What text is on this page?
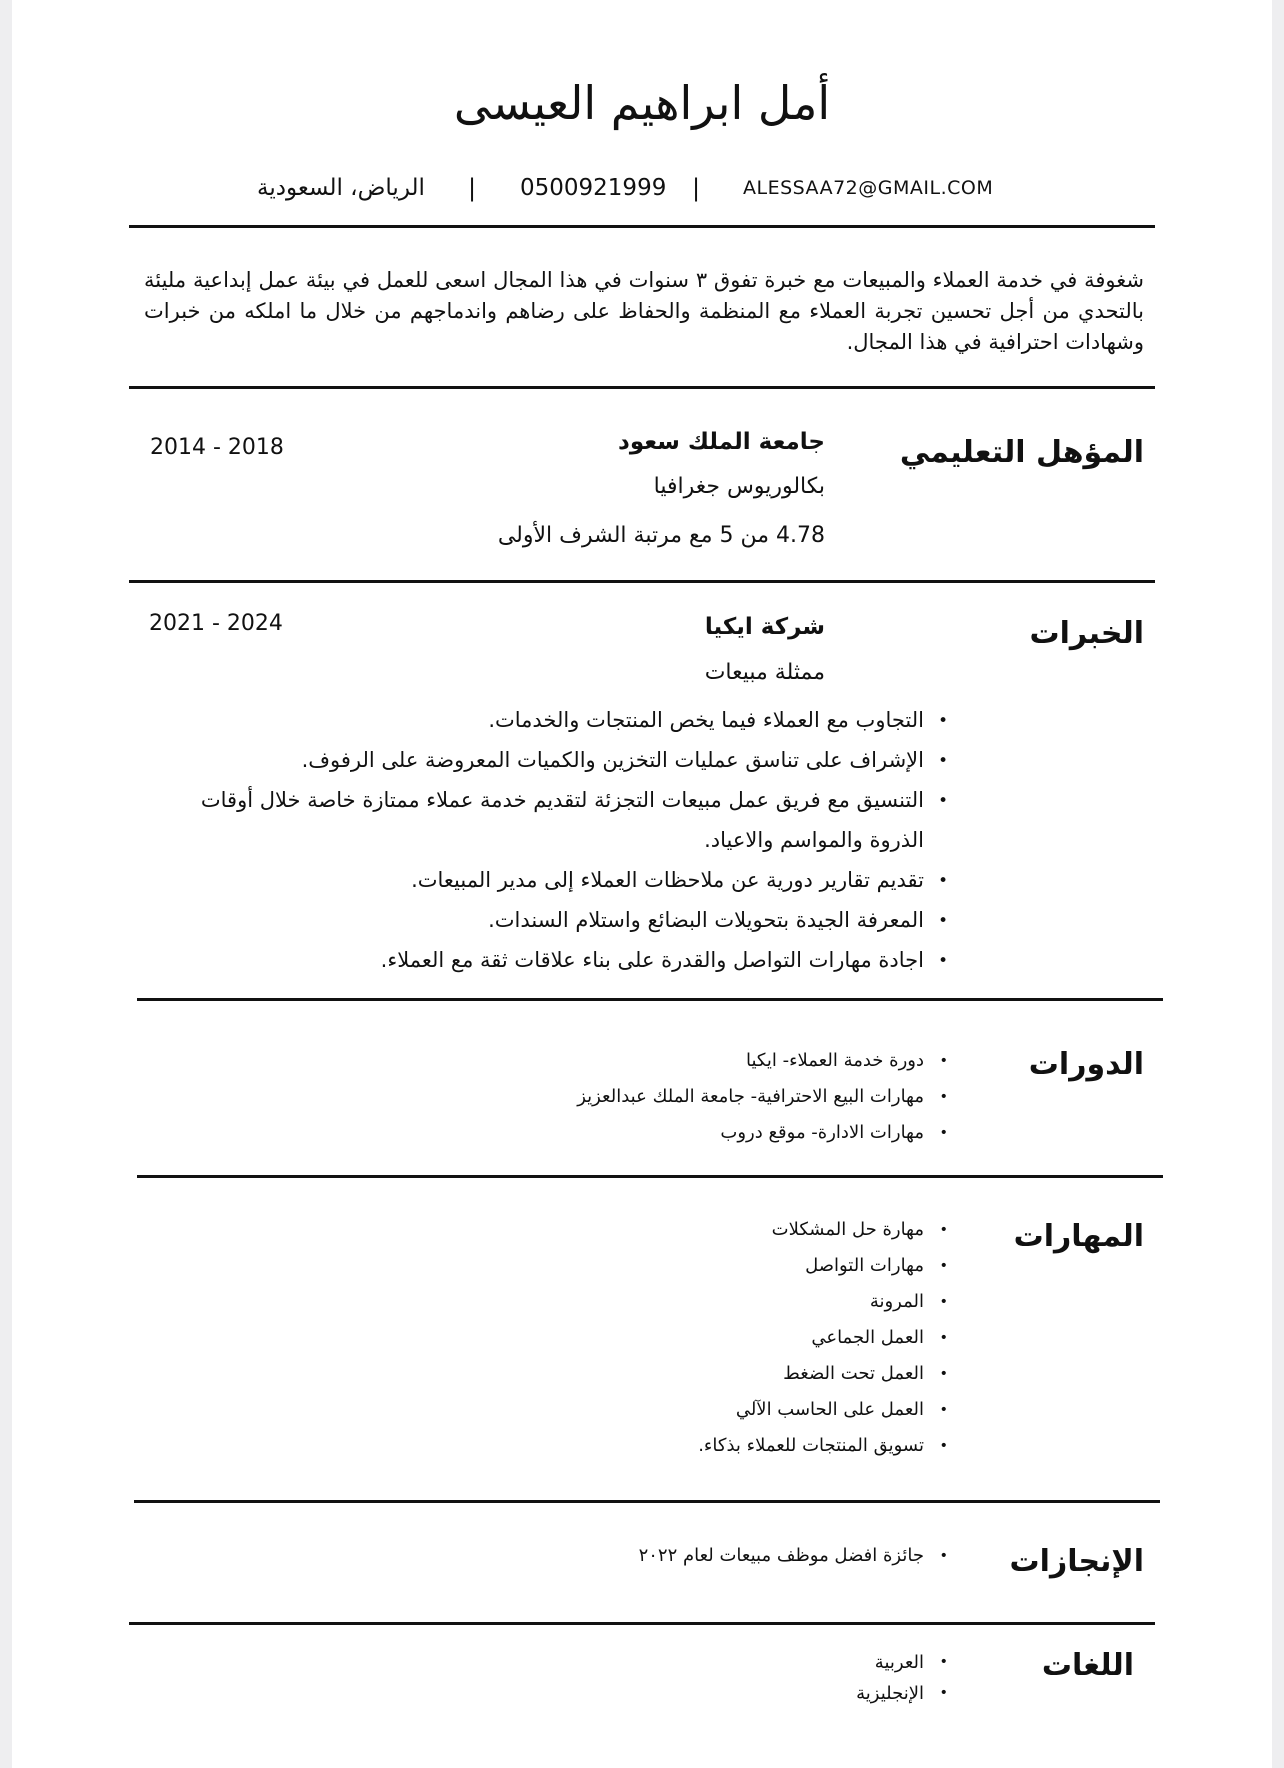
أمل ابراهيم العيسى
ALESSAA72@GMAIL.COM
|
0500921999
|
الرياض، السعودية

شغوفة في خدمة العملاء والمبيعات مع خبرة تفوق ٣ سنوات في هذا المجال اسعى للعمل في بيئة عمل إبداعية مليئة بالتحدي من أجل تحسين تجربة العملاء مع المنظمة والحفاظ على رضاهم واندماجهم من خلال ما املكه من خبرات وشهادات احترافية في هذا المجال.

المؤهل التعليمي
جامعة الملك سعود
بكالوريوس جغرافيا
4.78 من 5 مع مرتبة الشرف الأولى
2014 - 2018
الخبرات
شركة ايكيا
ممثلة مبيعات
2021 - 2024
• التجاوب مع العملاء فيما يخص المنتجات والخدمات.
• الإشراف على تناسق عمليات التخزين والكميات المعروضة على الرفوف.
• التنسيق مع فريق عمل مبيعات التجزئة لتقديم خدمة عملاء ممتازة خاصة خلال أوقات الذروة والمواسم والاعياد.
• تقديم تقارير دورية عن ملاحظات العملاء إلى مدير المبيعات.
• المعرفة الجيدة بتحويلات البضائع واستلام السندات.
• اجادة مهارات التواصل والقدرة على بناء علاقات ثقة مع العملاء.
الدورات
• دورة خدمة العملاء- ايكيا
• مهارات البيع الاحترافية- جامعة الملك عبدالعزيز
• مهارات الادارة- موقع دروب
المهارات
• مهارة حل المشكلات
• مهارات التواصل
• المرونة
• العمل الجماعي
• العمل تحت الضغط
• العمل على الحاسب الآلي
• تسويق المنتجات للعملاء بذكاء.
الإنجازات
• جائزة افضل موظف مبيعات لعام ٢٠٢٢
اللغات
• العربية
• الإنجليزية
